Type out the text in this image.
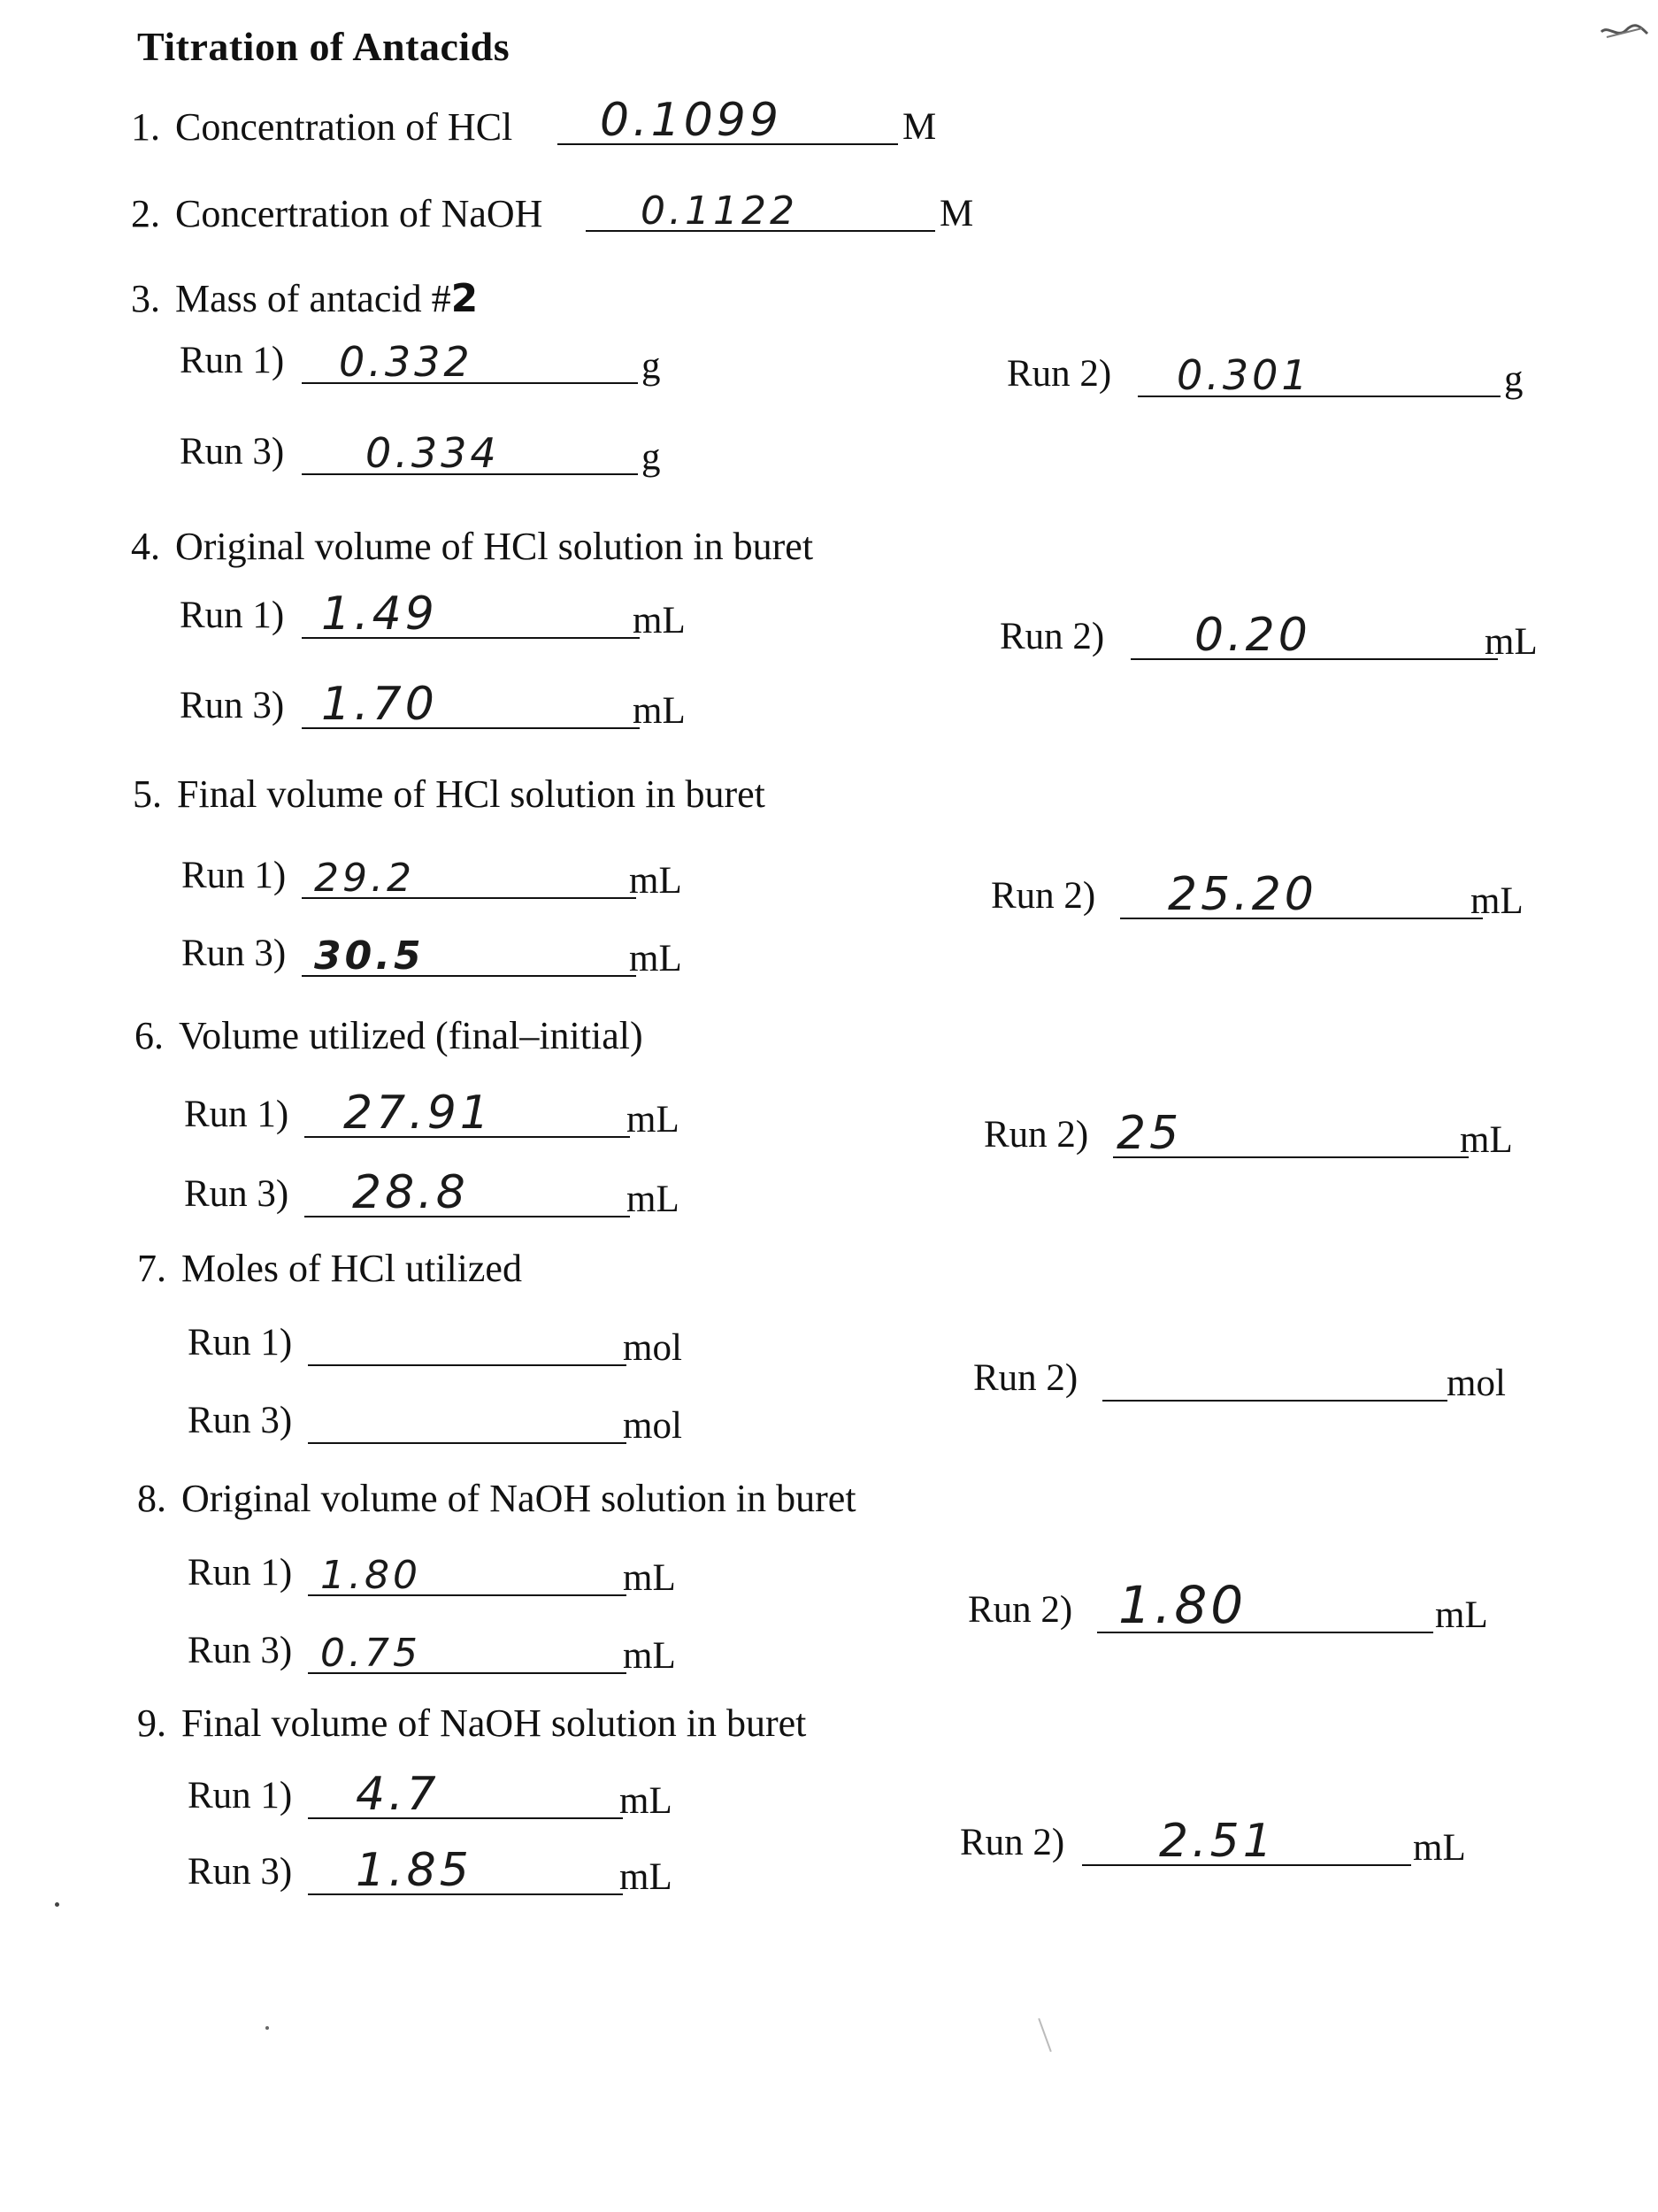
Titration of Antacids
1. Concentration of HCl 0.1099	M
2. Concertration of NaOH	0.1122	M
3. Mass of antacid #2
Run 1) 0.332	g	Run 2) 0.301	g
Run 3) 0.334	g
4. Original volume of HCl solution in buret
Run 1) 1.49	mL	Run 2) 0.20	mL
Run 3) 1.70	mL
5. Final volume of HCl solution in buret
Run 1) 29.2	mL	Run 2) 25.20	mL
Run 3) 30.5	mL
6. Volume utilized (final–initial)
Run 1) 27.91	mL	Run 2) 25	mL
Run 3) 28.8	mL
7. Moles of HCl utilized
Run 1)	mol
Run 2)	mol
Run 3)	mol
8. Original volume of NaOH solution in buret
Run 1) 1.80	mL
Run 2) 1.80	mL
Run 3) 0.75	mL
9. Final volume of NaOH solution in buret
Run 1) 4.7	mL
Run 2) 2.51	mL
Run 3) 1.85	mL
